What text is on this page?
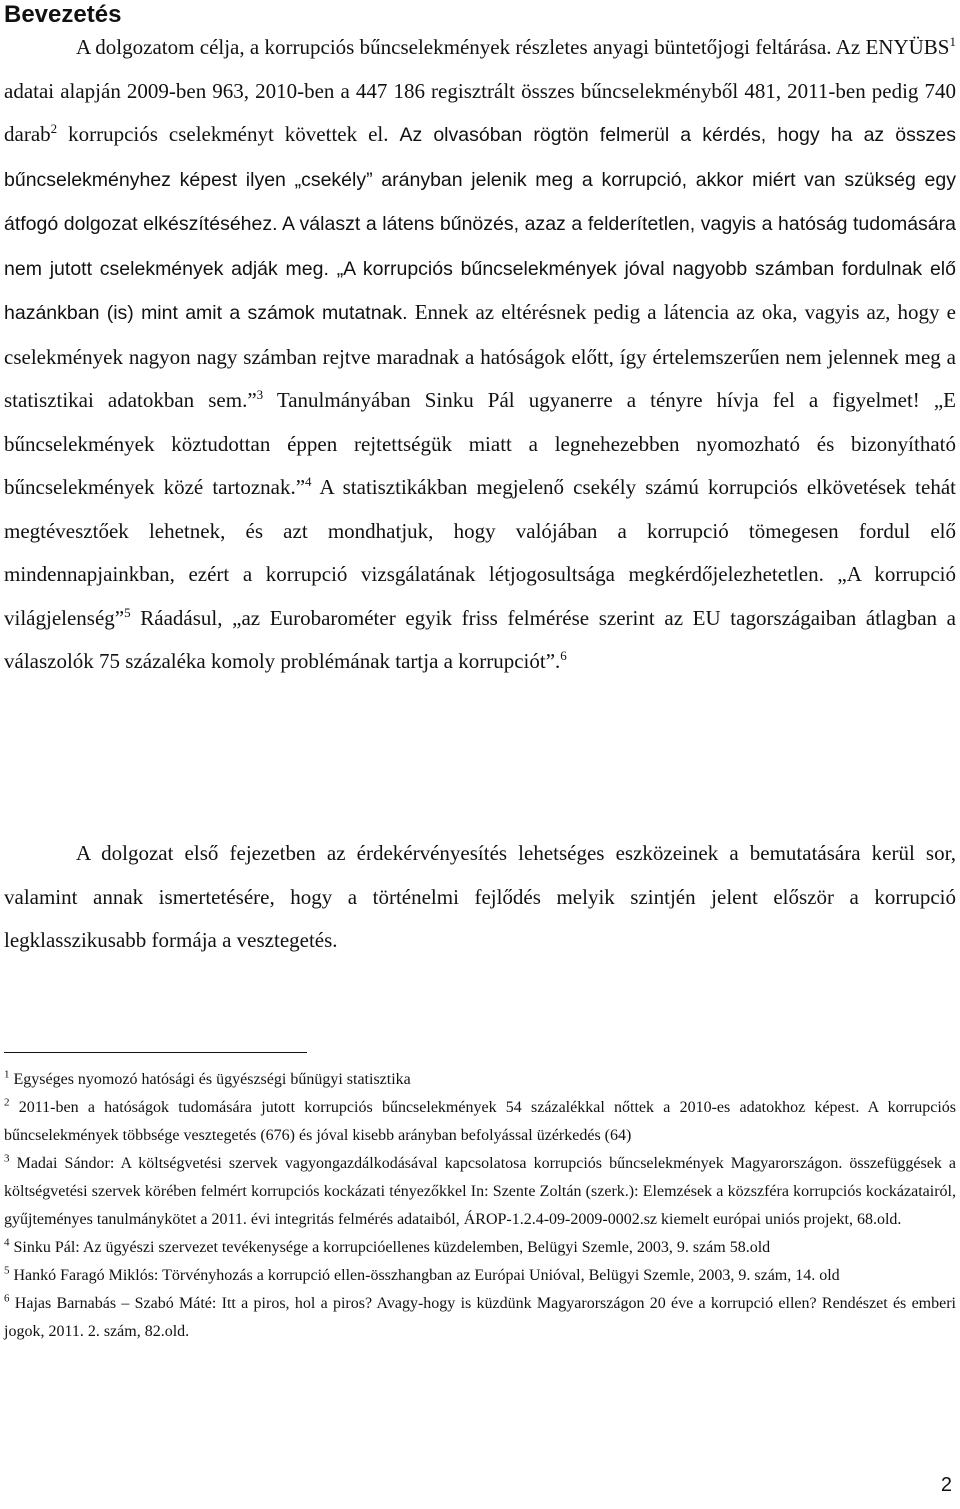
Bevezetés

A dolgozatom célja, a korrupciós bűncselekmények részletes anyagi büntetőjogi feltárása. Az ENYÜBS$^1$ adatai alapján 2009-ben 963, 2010-ben a 447 186 regisztrált összes bűncselekményből 481, 2011-ben pedig 740 darab$^2$ korrupciós cselekményt követtek el. Az olvasóban rögtön felmerül a kérdés, hogy ha az összes bűncselekményhez képest ilyen „csekély” arányban jelenik meg a korrupció, akkor miért van szükség egy átfogó dolgozat elkészítéséhez. A választ a látens bűnözés, azaz a felderítetlen, vagyis a hatóság tudomására nem jutott cselekmények adják meg. „A korrupciós bűncselekmények jóval nagyobb számban fordulnak elő hazánkban (is) mint amit a számok mutatnak. Ennek az eltérésnek pedig a látencia az oka, vagyis az, hogy e cselekmények nagyon nagy számban rejtve maradnak a hatóságok előtt, így értelemszerűen nem jelennek meg a statisztikai adatokban sem.”$^3$ Tanulmányában Sinku Pál ugyanerre a tényre hívja fel a figyelmet! „E bűncselekmények köztudottan éppen rejtettségük miatt a legnehezebben nyomozható és bizonyítható bűncselekmények közé tartoznak.”$^4$ A statisztikákban megjelenő csekély számú korrupciós elkövetések tehát megtévesztőek lehetnek, és azt mondhatjuk, hogy valójában a korrupció tömegesen fordul elő mindennapjainkban, ezért a korrupció vizsgálatának létjogosultsága megkérdőjelezhetetlen. „A korrupció világjelenség”$^5$ Ráadásul, „az Eurobarométer egyik friss felmérése szerint az EU tagországaiban átlagban a válaszolók 75 százaléka komoly problémának tartja a korrupciót”.$^6$

A dolgozat első fejezetben az érdekérvényesítés lehetséges eszközeinek a bemutatására kerül sor, valamint annak ismertetésére, hogy a történelmi fejlődés melyik szintjén jelent először a korrupció legklasszikusabb formája a vesztegetés.

$^1$ Egységes nyomozó hatósági és ügyészségi bűnügyi statisztika

$^2$ 2011-ben a hatóságok tudomására jutott korrupciós bűncselekmények 54 százalékkal nőttek a 2010-es adatokhoz képest. A korrupciós bűncselekmények többsége vesztegetés (676) és jóval kisebb arányban befolyással üzérkedés (64)

$^3$ Madai Sándor: A költségvetési szervek vagyongazdálkodásával kapcsolatosa korrupciós bűncselekmények Magyarországon. összefüggések a költségvetési szervek körében felmért korrupciós kockázati tényezőkkel In: Szente Zoltán (szerk.): Elemzések a közszféra korrupciós kockázatairól, gyűjteményes tanulmánykötet a 2011. évi integritás felmérés adataiból, ÁROP-1.2.4-09-2009-0002.sz kiemelt európai uniós projekt, 68.old.

$^4$ Sinku Pál: Az ügyészi szervezet tevékenysége a korrupcióellenes küzdelemben, Belügyi Szemle, 2003, 9. szám 58.old

$^5$ Hankó Faragó Miklós: Törvényhozás a korrupció ellen-összhangban az Európai Unióval, Belügyi Szemle, 2003, 9. szám, 14. old

$^6$ Hajas Barnabás – Szabó Máté: Itt a piros, hol a piros? Avagy-hogy is küzdünk Magyarországon 20 éve a korrupció ellen? Rendészet és emberi jogok, 2011. 2. szám, 82.old.

2
